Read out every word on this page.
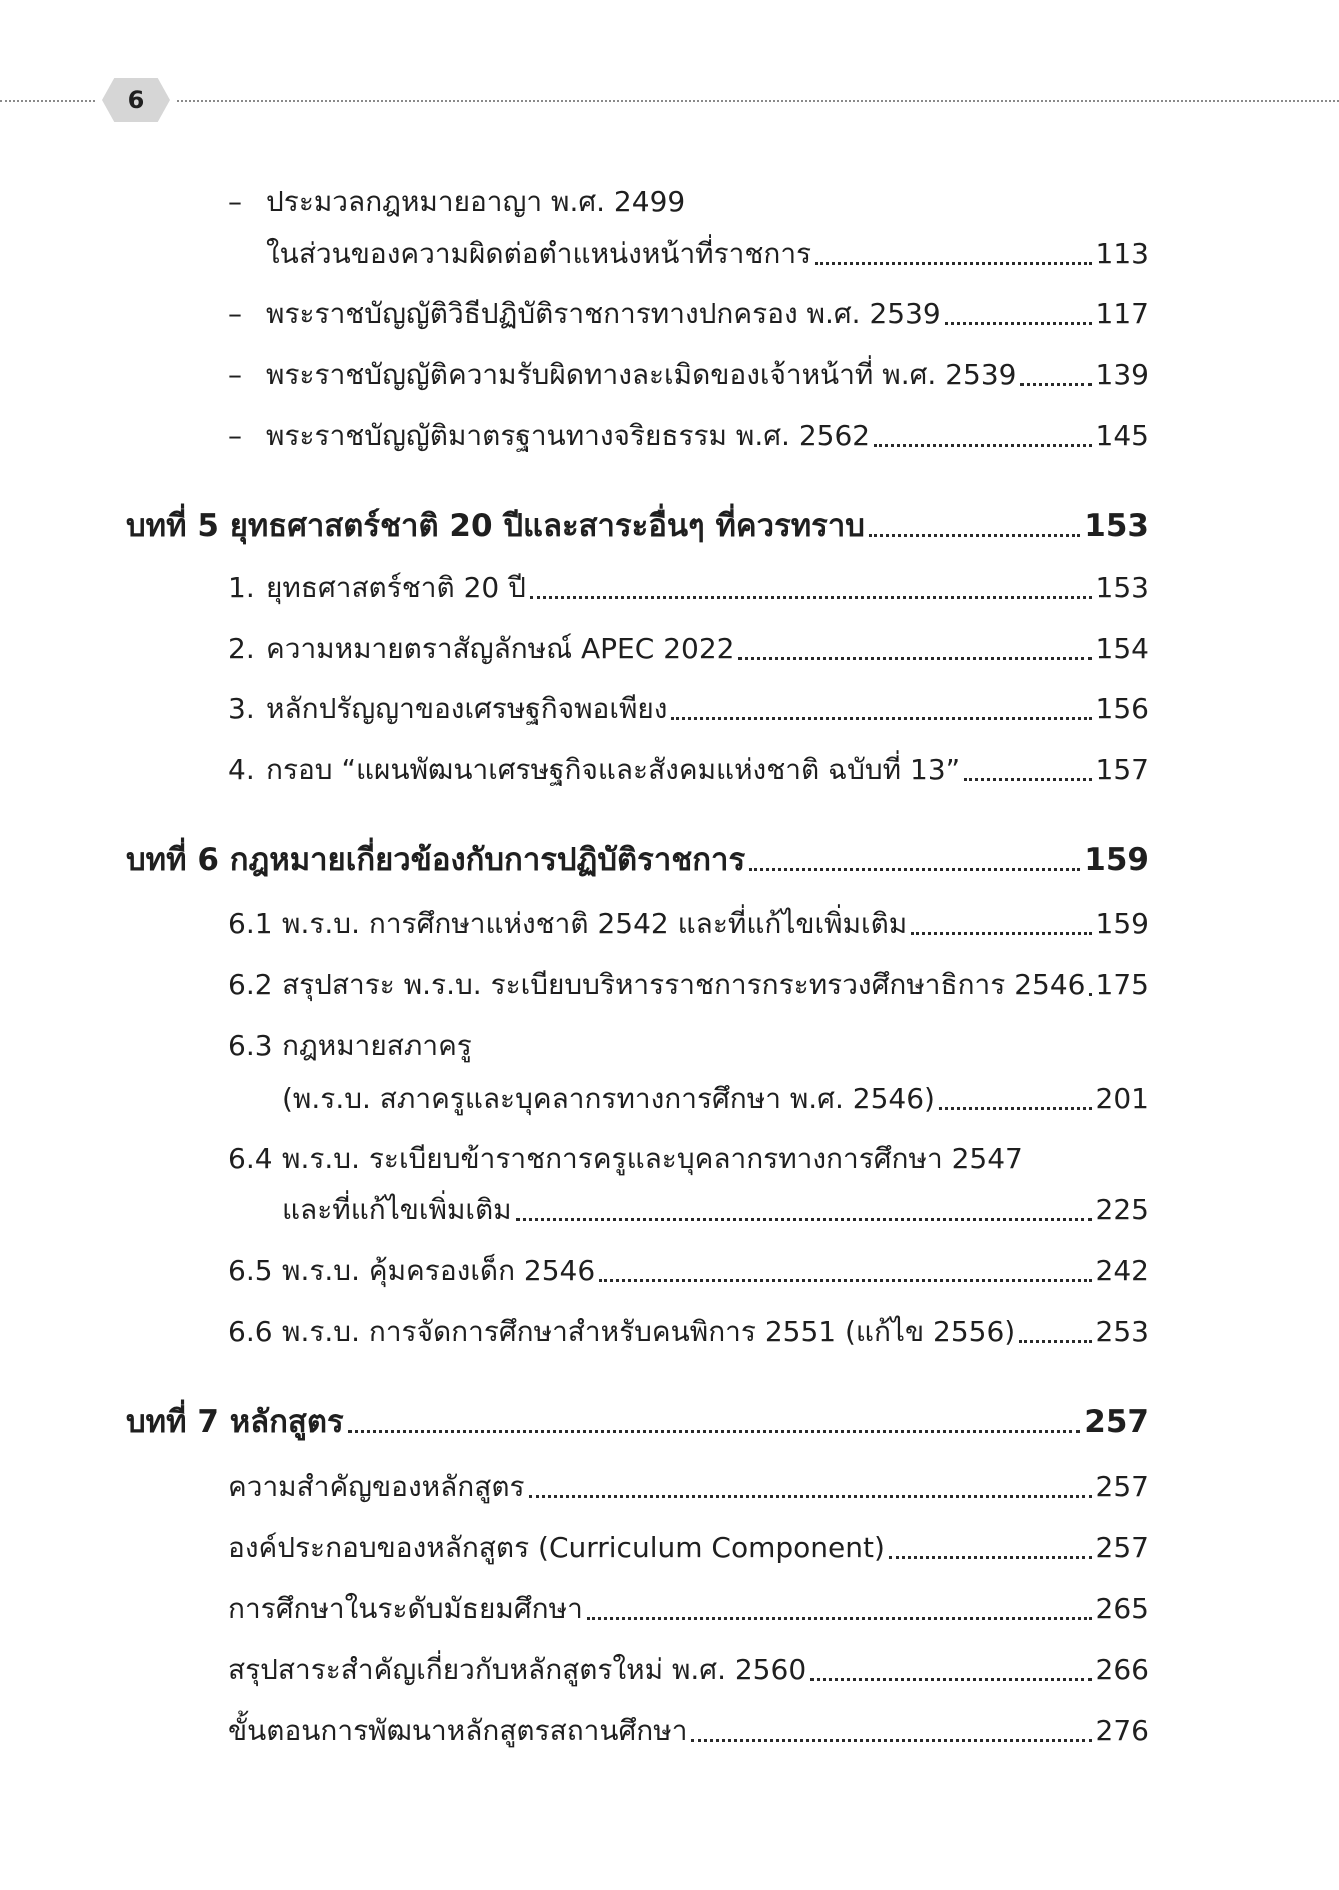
6
– ประมวลกฎหมายอาญา พ.ศ. 2499
ในส่วนของความผิดต่อตำแหน่งหน้าที่ราชการ	113
– พระราชบัญญัติวิธีปฏิบัติราชการทางปกครอง พ.ศ. 2539	117
– พระราชบัญญัติความรับผิดทางละเมิดของเจ้าหน้าที่ พ.ศ. 2539	139
– พระราชบัญญัติมาตรฐานทางจริยธรรม พ.ศ. 2562	145
บทที่ 5 ยุทธศาสตร์ชาติ 20 ปีและสาระอื่นๆ ที่ควรทราบ	153
1. ยุทธศาสตร์ชาติ 20 ปี	153
2. ความหมายตราสัญลักษณ์ APEC 2022	154
3. หลักปรัญญาของเศรษฐกิจพอเพียง	156
4. กรอบ “แผนพัฒนาเศรษฐกิจและสังคมแห่งชาติ ฉบับที่ 13”	157
บทที่ 6 กฎหมายเกี่ยวข้องกับการปฏิบัติราชการ	159
6.1 พ.ร.บ. การศึกษาแห่งชาติ 2542 และที่แก้ไขเพิ่มเติม	159
6.2 สรุปสาระ พ.ร.บ. ระเบียบบริหารราชการกระทรวงศึกษาธิการ 2546 175
6.3 กฎหมายสภาครู
(พ.ร.บ. สภาครูและบุคลากรทางการศึกษา พ.ศ. 2546)	201
6.4 พ.ร.บ. ระเบียบข้าราชการครูและบุคลากรทางการศึกษา 2547
และที่แก้ไขเพิ่มเติม	225
6.5 พ.ร.บ. คุ้มครองเด็ก 2546	242
6.6 พ.ร.บ. การจัดการศึกษาสำหรับคนพิการ 2551 (แก้ไข 2556)	253
บทที่ 7 หลักสูตร	257
ความสำคัญของหลักสูตร	257
องค์ประกอบของหลักสูตร (Curriculum Component)	257
การศึกษาในระดับมัธยมศึกษา	265
สรุปสาระสำคัญเกี่ยวกับหลักสูตรใหม่ พ.ศ. 2560	266
ขั้นตอนการพัฒนาหลักสูตรสถานศึกษา	276
